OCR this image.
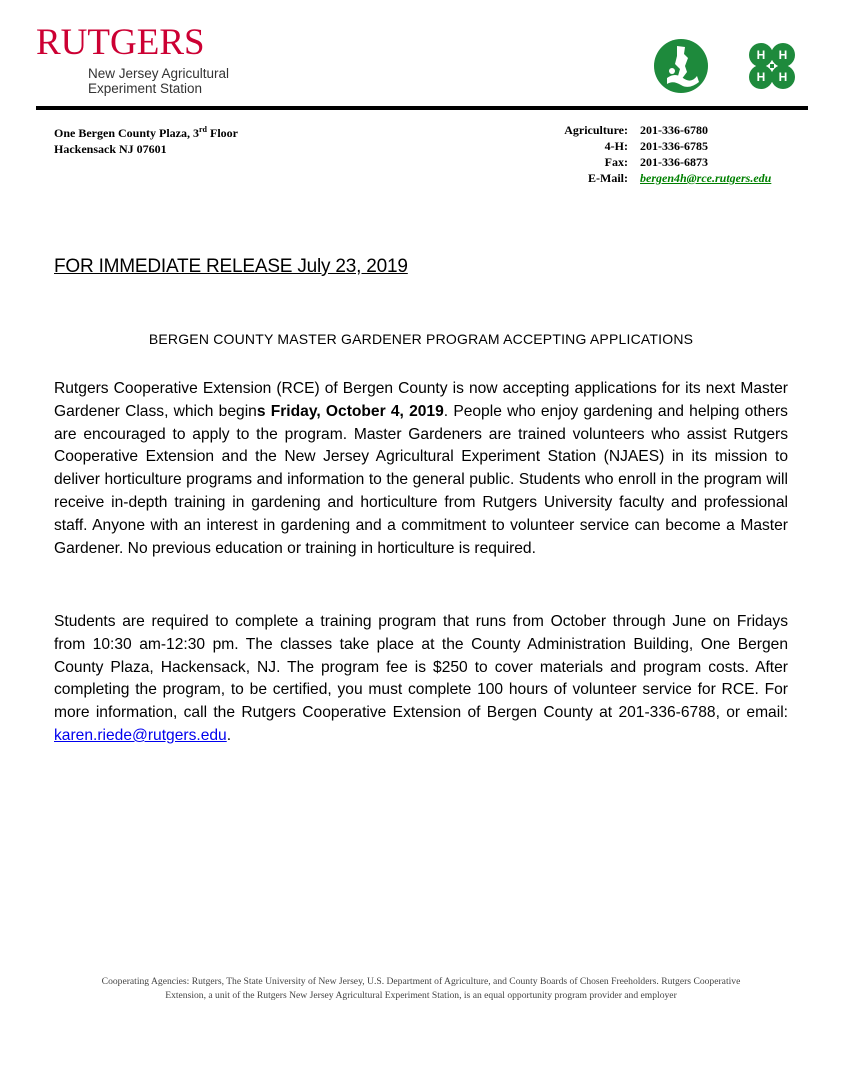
RUTGERS
New Jersey Agricultural
Experiment Station
H H
H H
One Bergen County Plaza, 3rd Floor
Hackensack NJ 07601
Agriculture:	201-336-6780
4-H:	201-336-6785
Fax:	201-336-6873
E-Mail:	bergen4h@rce.rutgers.edu
FOR IMMEDIATE RELEASE July 23, 2019
BERGEN COUNTY MASTER GARDENER PROGRAM ACCEPTING APPLICATIONS

Rutgers Cooperative Extension (RCE) of Bergen County is now accepting applications for its next Master Gardener Class, which begins Friday, October 4, 2019. People who enjoy gardening and helping others are encouraged to apply to the program. Master Gardeners are trained volunteers who assist Rutgers Cooperative Extension and the New Jersey Agricultural Experiment Station (NJAES) in its mission to deliver horticulture programs and information to the general public. Students who enroll in the program will receive in-depth training in gardening and horticulture from Rutgers University faculty and professional staff. Anyone with an interest in gardening and a commitment to volunteer service can become a Master Gardener. No previous education or training in horticulture is required.

Students are required to complete a training program that runs from October through June on Fridays from 10:30 am-12:30 pm. The classes take place at the County Administration Building, One Bergen County Plaza, Hackensack, NJ. The program fee is $250 to cover materials and program costs. After completing the program, to be certified, you must complete 100 hours of volunteer service for RCE. For more information, call the Rutgers Cooperative Extension of Bergen County at 201-336-6788, or email: karen.riede@rutgers.edu.

Cooperating Agencies: Rutgers, The State University of New Jersey, U.S. Department of Agriculture, and County Boards of Chosen Freeholders. Rutgers Cooperative
Extension, a unit of the Rutgers New Jersey Agricultural Experiment Station, is an equal opportunity program provider and employer
